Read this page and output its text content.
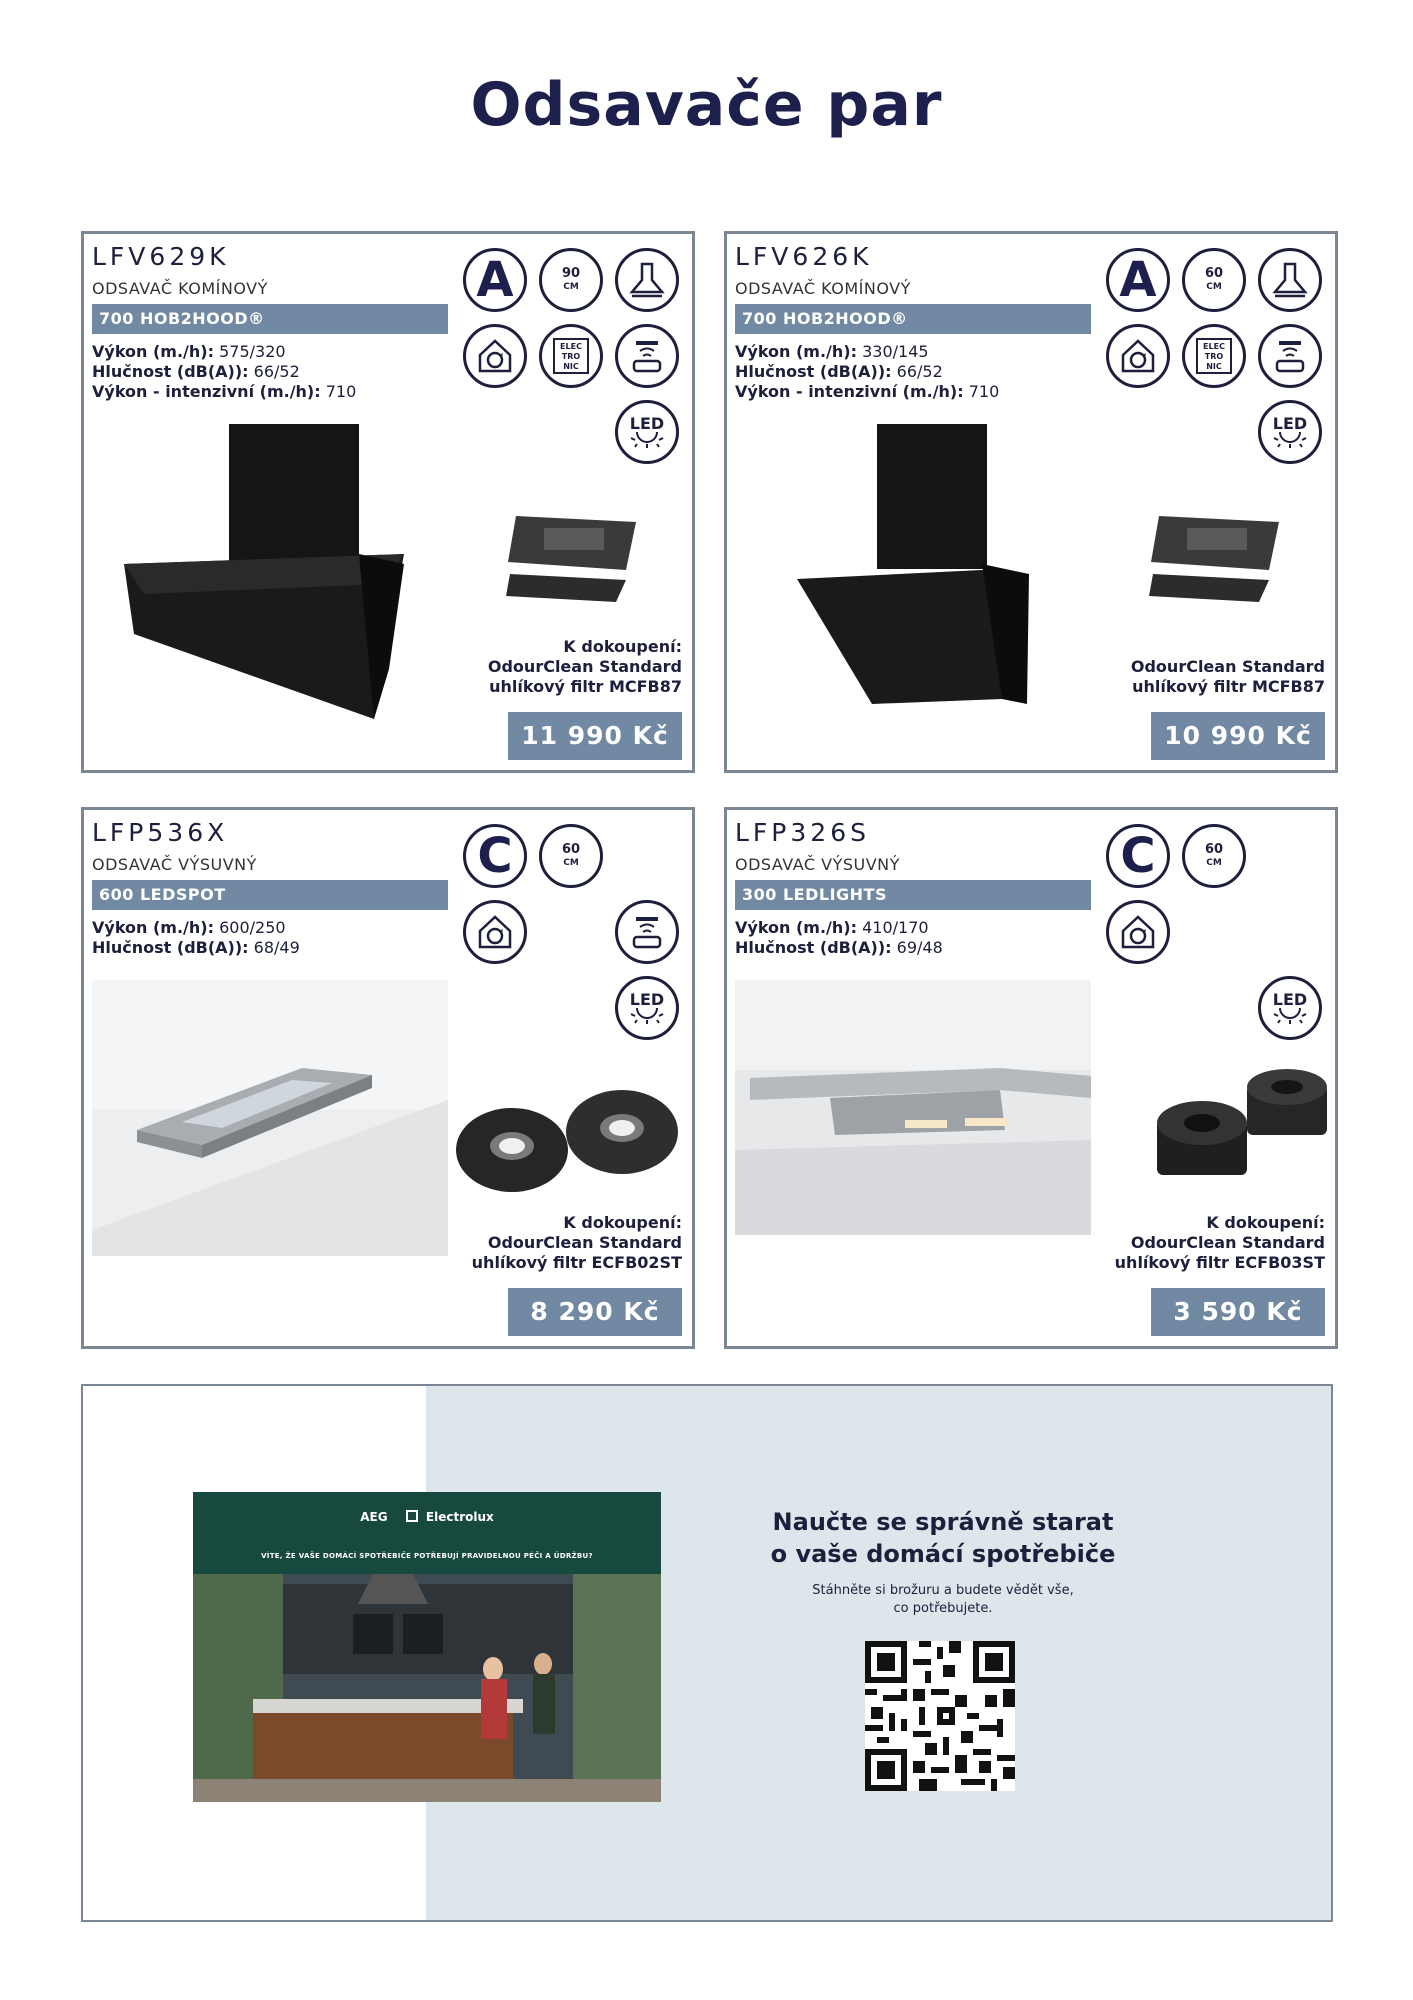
Odsavače par
LFV629K
ODSAVAČ KOMÍNOVÝ
700 HOB2HOOD®
Výkon (m./h): 575/320
Hlučnost (dB(A)): 66/52
Výkon - intenzivní (m./h): 710
A	90
CM
ELEC TRO NIC
LED
K dokoupení:
OdourClean Standard
uhlíkový filtr MCFB87
11 990 Kč
LFV626K
ODSAVAČ KOMÍNOVÝ
700 HOB2HOOD®
Výkon (m./h): 330/145
Hlučnost (dB(A)): 66/52
Výkon - intenzivní (m./h): 710
A	60
CM
ELEC TRO NIC
LED
OdourClean Standard
uhlíkový filtr MCFB87
10 990 Kč
LFP536X
ODSAVAČ VÝSUVNÝ
600 LEDSPOT
Výkon (m./h): 600/250
Hlučnost (dB(A)): 68/49
C	60
CM
LED
K dokoupení:
OdourClean Standard
uhlíkový filtr ECFB02ST
8 290 Kč
LFP326S
ODSAVAČ VÝSUVNÝ
300 LEDLIGHTS
Výkon (m./h): 410/170
Hlučnost (dB(A)): 69/48
C	60
CM
LED
K dokoupení:
OdourClean Standard
uhlíkový filtr ECFB03ST
3 590 Kč
AEG	Electrolux
VÍTE, ŽE VAŠE DOMÁCÍ SPOTŘEBIČE POTŘEBUJÍ PRAVIDELNOU PÉČI A ÚDRŽBU?
Naučte se správně starat
o vaše domácí spotřebiče
Stáhněte si brožuru a budete vědět vše,
co potřebujete.
